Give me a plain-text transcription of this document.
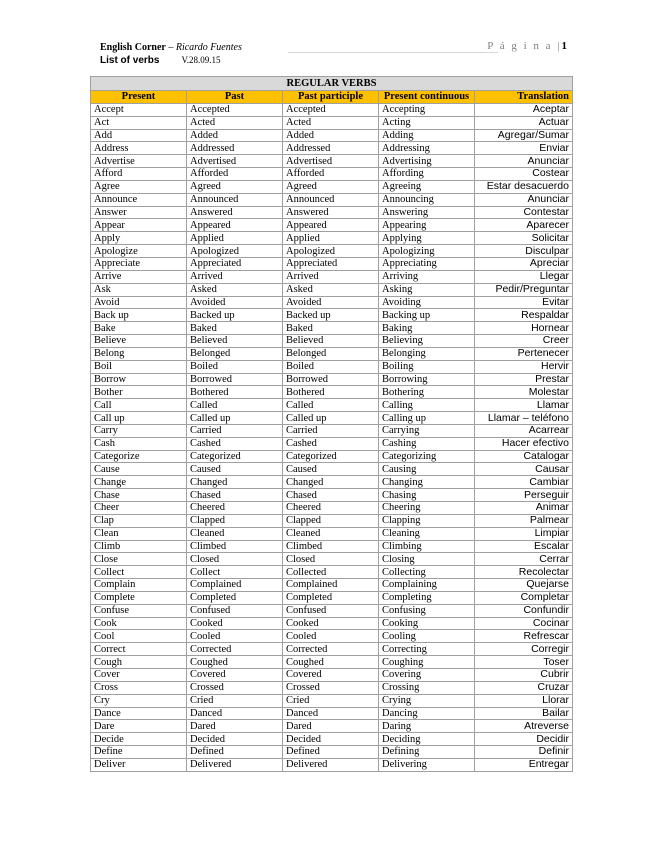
English Corner – Ricardo Fuentes
List of verbs V.28.09.15
P á g i n a |1
REGULAR VERBS				
Present	Past	Past participle	Present continuous	Translation
Accept	Accepted	Accepted	Accepting	Aceptar
Act	Acted	Acted	Acting	Actuar
Add	Added	Added	Adding	Agregar/Sumar
Address	Addressed	Addressed	Addressing	Enviar
Advertise	Advertised	Advertised	Advertising	Anunciar
Afford	Afforded	Afforded	Affording	Costear
Agree	Agreed	Agreed	Agreeing	Estar desacuerdo
Announce	Announced	Announced	Announcing	Anunciar
Answer	Answered	Answered	Answering	Contestar
Appear	Appeared	Appeared	Appearing	Aparecer
Apply	Applied	Applied	Applying	Solicitar
Apologize	Apologized	Apologized	Apologizing	Disculpar
Appreciate	Appreciated	Appreciated	Appreciating	Apreciar
Arrive	Arrived	Arrived	Arriving	Llegar
Ask	Asked	Asked	Asking	Pedir/Preguntar
Avoid	Avoided	Avoided	Avoiding	Evitar
Back up	Backed up	Backed up	Backing up	Respaldar
Bake	Baked	Baked	Baking	Hornear
Believe	Believed	Believed	Believing	Creer
Belong	Belonged	Belonged	Belonging	Pertenecer
Boil	Boiled	Boiled	Boiling	Hervir
Borrow	Borrowed	Borrowed	Borrowing	Prestar
Bother	Bothered	Bothered	Bothering	Molestar
Call	Called	Called	Calling	Llamar
Call up	Called up	Called up	Calling up	Llamar – teléfono
Carry	Carried	Carried	Carrying	Acarrear
Cash	Cashed	Cashed	Cashing	Hacer efectivo
Categorize	Categorized	Categorized	Categorizing	Catalogar
Cause	Caused	Caused	Causing	Causar
Change	Changed	Changed	Changing	Cambiar
Chase	Chased	Chased	Chasing	Perseguir
Cheer	Cheered	Cheered	Cheering	Animar
Clap	Clapped	Clapped	Clapping	Palmear
Clean	Cleaned	Cleaned	Cleaning	Limpiar
Climb	Climbed	Climbed	Climbing	Escalar
Close	Closed	Closed	Closing	Cerrar
Collect	Collect	Collected	Collecting	Recolectar
Complain	Complained	Complained	Complaining	Quejarse
Complete	Completed	Completed	Completing	Completar
Confuse	Confused	Confused	Confusing	Confundir
Cook	Cooked	Cooked	Cooking	Cocinar
Cool	Cooled	Cooled	Cooling	Refrescar
Correct	Corrected	Corrected	Correcting	Corregir
Cough	Coughed	Coughed	Coughing	Toser
Cover	Covered	Covered	Covering	Cubrir
Cross	Crossed	Crossed	Crossing	Cruzar
Cry	Cried	Cried	Crying	Llorar
Dance	Danced	Danced	Dancing	Bailar
Dare	Dared	Dared	Daring	Atreverse
Decide	Decided	Decided	Deciding	Decidir
Define	Defined	Defined	Defining	Definir
Deliver	Delivered	Delivered	Delivering	Entregar
